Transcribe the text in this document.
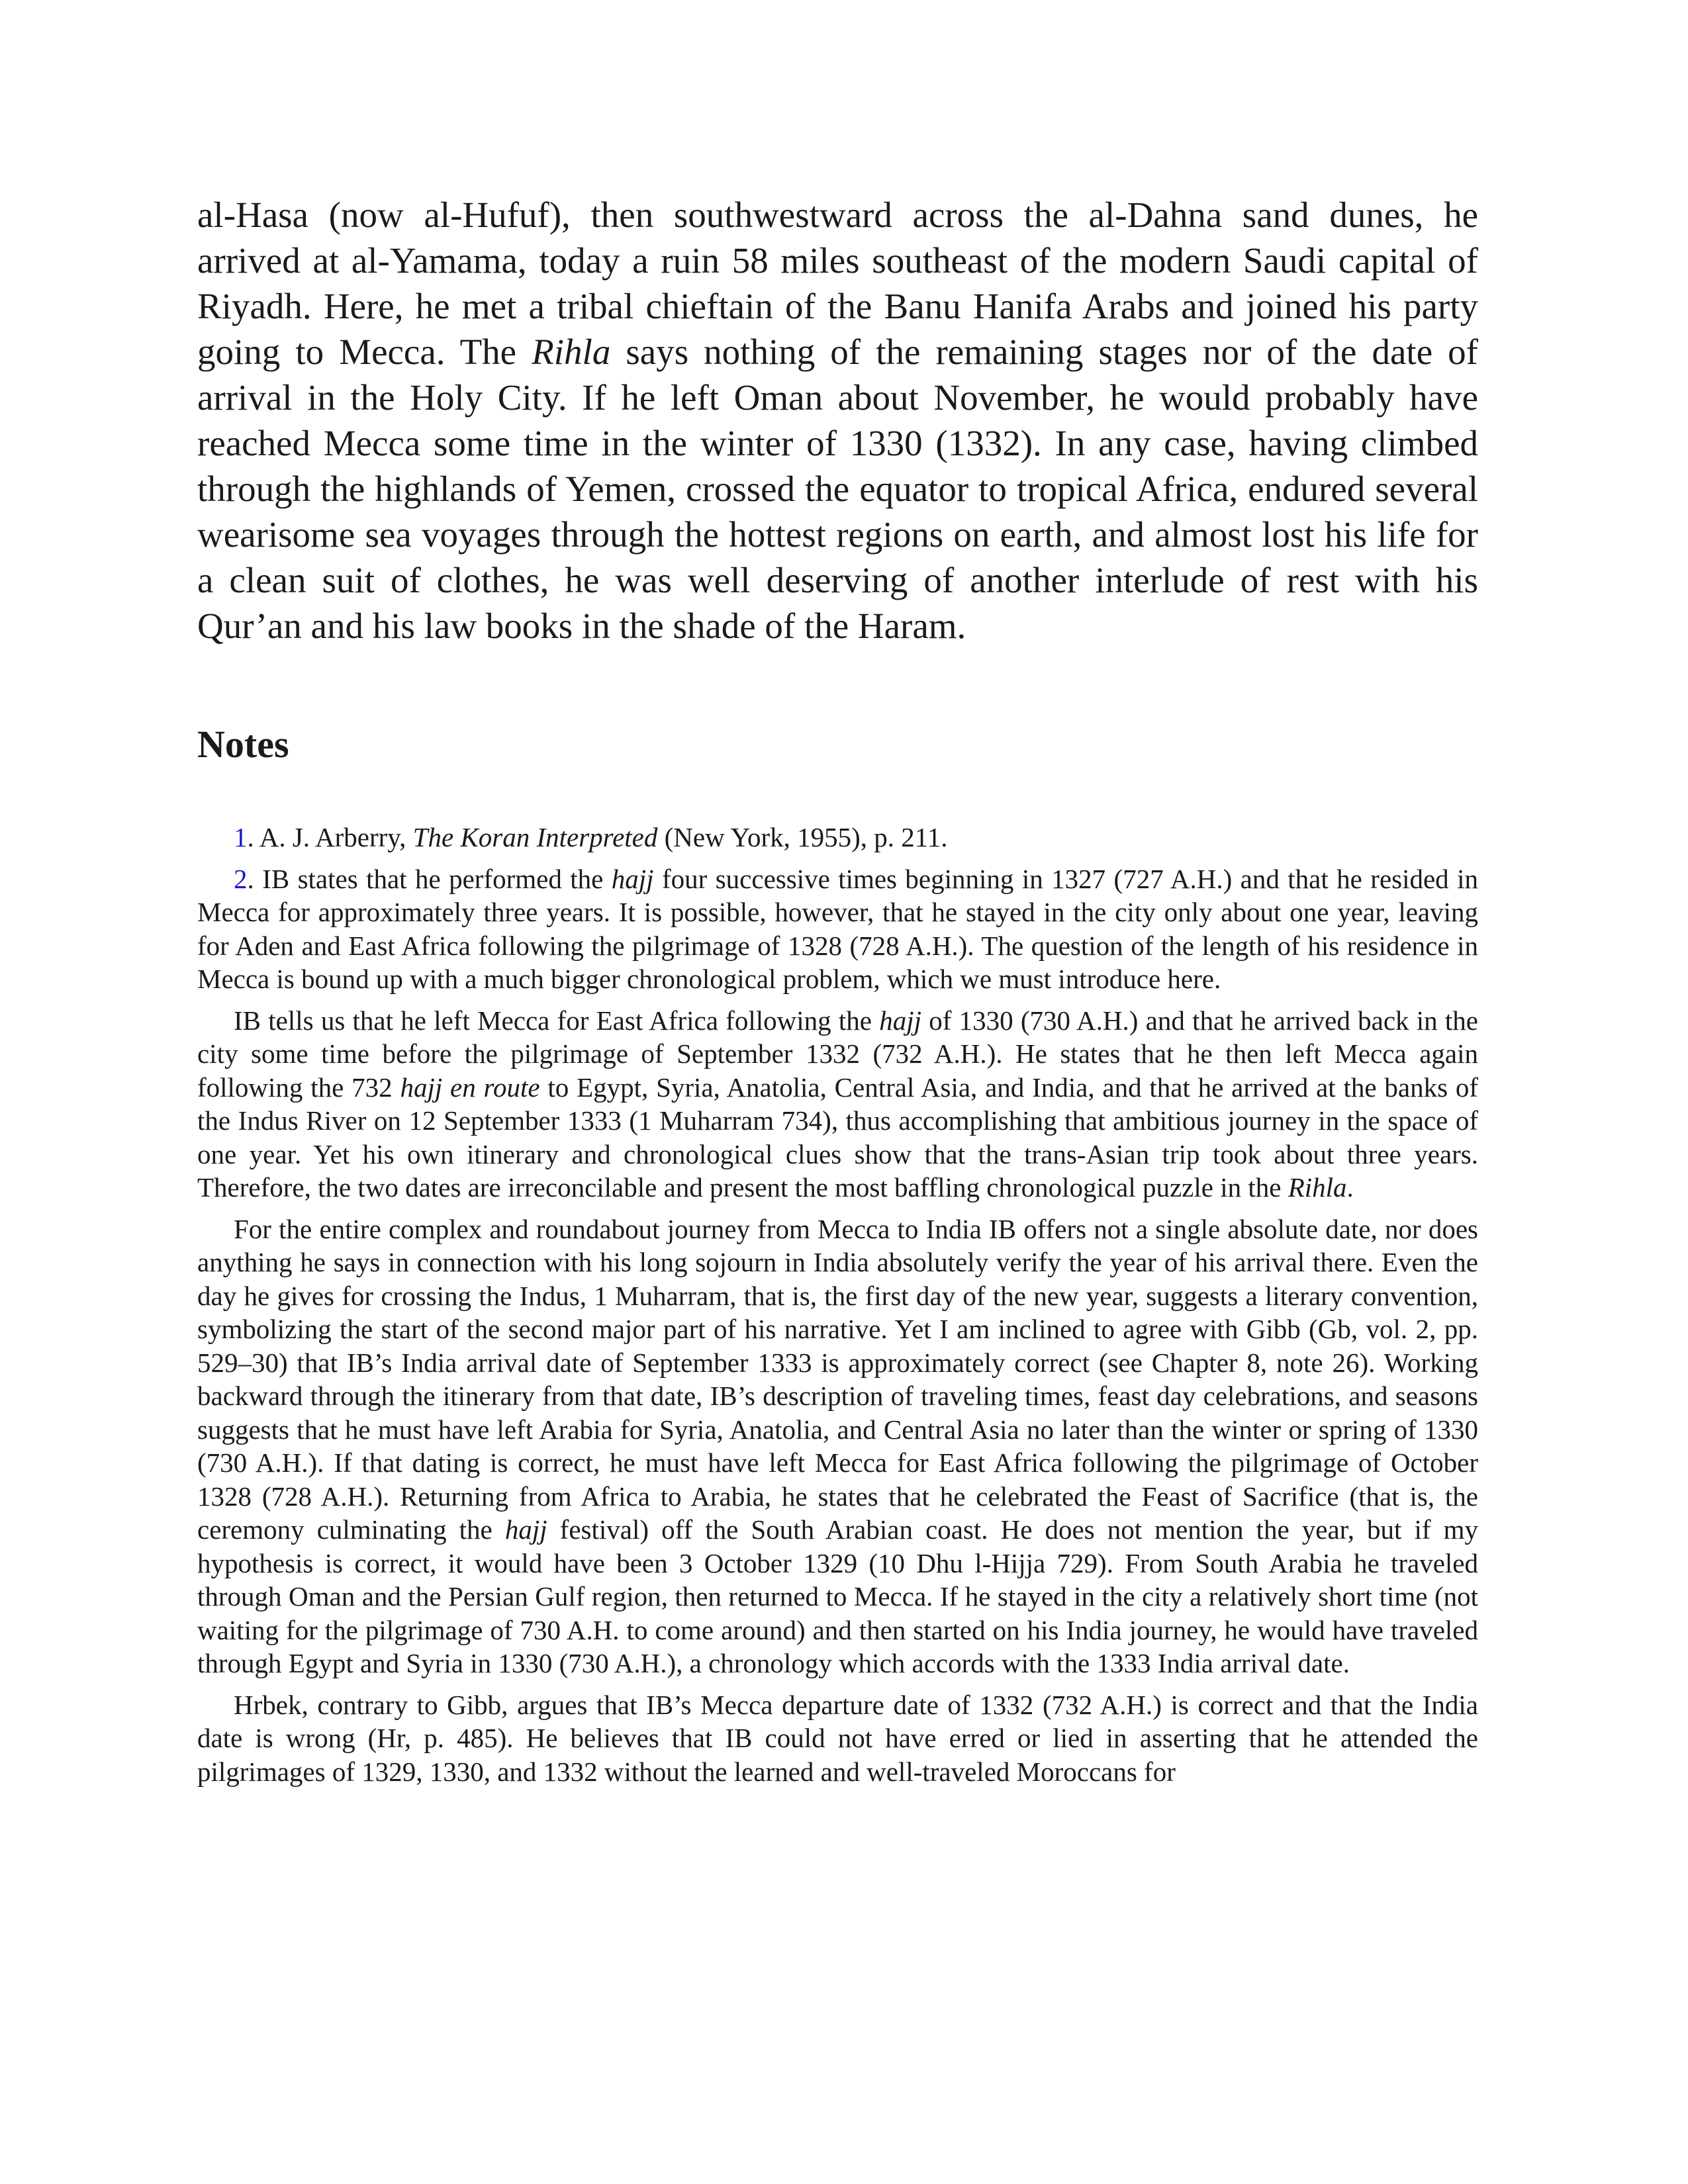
al-Hasa (now al-Hufuf), then southwestward across the al-Dahna sand dunes, he arrived at al-Yamama, today a ruin 58 miles southeast of the modern Saudi capital of Riyadh. Here, he met a tribal chieftain of the Banu Hanifa Arabs and joined his party going to Mecca. The Rihla says nothing of the remaining stages nor of the date of arrival in the Holy City. If he left Oman about November, he would probably have reached Mecca some time in the winter of 1330 (1332). In any case, having climbed through the highlands of Yemen, crossed the equator to tropical Africa, endured several wearisome sea voyages through the hottest regions on earth, and almost lost his life for a clean suit of clothes, he was well deserving of another interlude of rest with his Qur’an and his law books in the shade of the Haram.

Notes

1. A. J. Arberry, The Koran Interpreted (New York, 1955), p. 211.

2. IB states that he performed the hajj four successive times beginning in 1327 (727 A.H.) and that he resided in Mecca for approximately three years. It is possible, however, that he stayed in the city only about one year, leaving for Aden and East Africa following the pilgrimage of 1328 (728 A.H.). The question of the length of his residence in Mecca is bound up with a much bigger chronological problem, which we must introduce here.

IB tells us that he left Mecca for East Africa following the hajj of 1330 (730 A.H.) and that he arrived back in the city some time before the pilgrimage of September 1332 (732 A.H.). He states that he then left Mecca again following the 732 hajj en route to Egypt, Syria, Anatolia, Central Asia, and India, and that he arrived at the banks of the Indus River on 12 September 1333 (1 Muharram 734), thus accomplishing that ambitious journey in the space of one year. Yet his own itinerary and chronological clues show that the trans-Asian trip took about three years. Therefore, the two dates are irreconcilable and present the most baffling chronological puzzle in the Rihla.

For the entire complex and roundabout journey from Mecca to India IB offers not a single absolute date, nor does anything he says in connection with his long sojourn in India absolutely verify the year of his arrival there. Even the day he gives for crossing the Indus, 1 Muharram, that is, the first day of the new year, suggests a literary convention, symbolizing the start of the second major part of his narrative. Yet I am inclined to agree with Gibb (Gb, vol. 2, pp. 529–30) that IB’s India arrival date of September 1333 is approximately correct (see Chapter 8, note 26). Working backward through the itinerary from that date, IB’s description of traveling times, feast day celebrations, and seasons suggests that he must have left Arabia for Syria, Anatolia, and Central Asia no later than the winter or spring of 1330 (730 A.H.). If that dating is correct, he must have left Mecca for East Africa following the pilgrimage of October 1328 (728 A.H.). Returning from Africa to Arabia, he states that he celebrated the Feast of Sacrifice (that is, the ceremony culminating the hajj festival) off the South Arabian coast. He does not mention the year, but if my hypothesis is correct, it would have been 3 October 1329 (10 Dhu l-Hijja 729). From South Arabia he traveled through Oman and the Persian Gulf region, then returned to Mecca. If he stayed in the city a relatively short time (not waiting for the pilgrimage of 730 A.H. to come around) and then started on his India journey, he would have traveled through Egypt and Syria in 1330 (730 A.H.), a chronology which accords with the 1333 India arrival date.

Hrbek, contrary to Gibb, argues that IB’s Mecca departure date of 1332 (732 A.H.) is correct and that the India date is wrong (Hr, p. 485). He believes that IB could not have erred or lied in asserting that he attended the pilgrimages of 1329, 1330, and 1332 without the learned and well-traveled Moroccans for
